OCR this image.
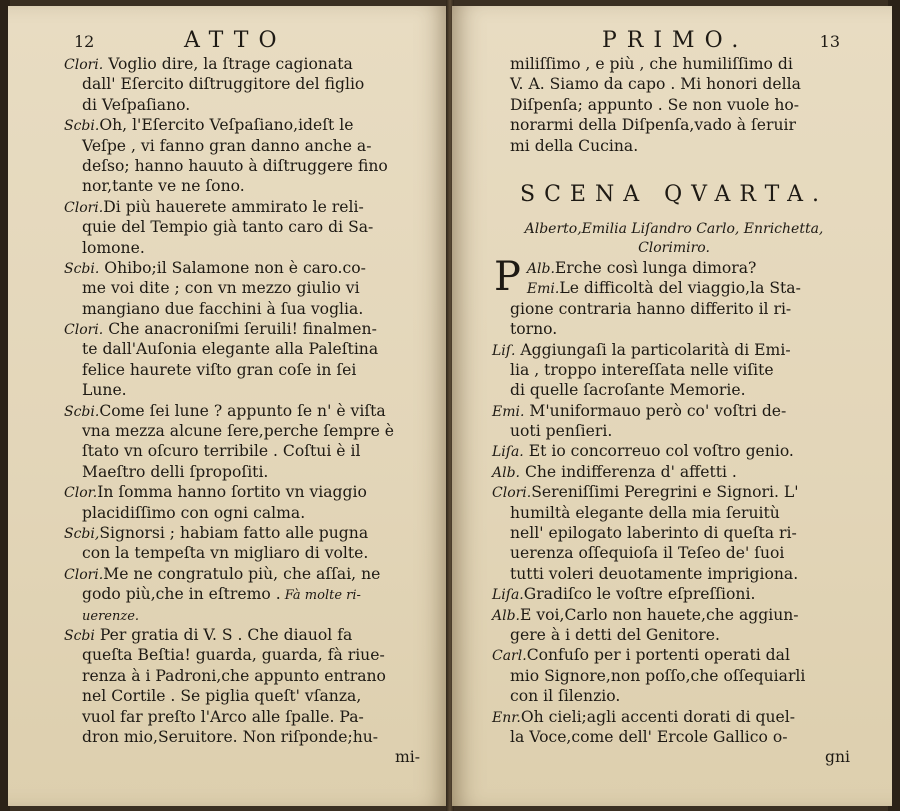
12	ATTO
Clori. Voglio dire, la ſtrage cagionata
dall' Eſercito diſtruggitore del figlio
di Veſpaſiano.
Scbi.Oh, l'Eſercito Veſpaſiano,ideſt le
Veſpe , vi fanno gran danno anche a-
deſso; hanno hauuto à diſtruggere fino
nor,tante ve ne ſono.
Clori.Di più hauerete ammirato le reli-
quie del Tempio già tanto caro di Sa-
lomone.
Scbi. Ohibo;il Salamone non è caro.co-
me voi dite ; con vn mezzo giulio vi
mangiano due facchini à ſua voglia.
Clori. Che anacroniſmi ſeruili! finalmen-
te dall'Auſonia elegante alla Paleſtina
felice haurete viſto gran coſe in ſei
Lune.
Scbi.Come ſei lune ? appunto ſe n' è viſta
vna mezza alcune ſere,perche ſempre è
ſtato vn oſcuro terribile . Coſtui è il
Maeſtro delli ſpropoſiti.
Clor.In ſomma hanno ſortito vn viaggio
placidiſſimo con ogni calma.
Scbi,Signorsi ; habiam fatto alle pugna
con la tempeſta vn migliaro di volte.
Clori.Me ne congratulo più, che aſſai, ne
godo più,che in eſtremo . Fà molte ri-
uerenze.
Scbi Per gratia di V. S . Che diauol fa
queſta Beſtia! guarda, guarda, fà riue-
renza à i Padroni,che appunto entrano
nel Cortile . Se piglia queſt' vſanza,
vuol far preſto l'Arco alle ſpalle. Pa-
dron mio,Seruitore. Non riſponde;hu-
mi-
PRIMO.	13
miliſſimo , e più , che humiliſſimo di
V. A. Siamo da capo . Mi honori della
Diſpenſa; appunto . Se non vuole ho-
norarmi della Diſpenſa,vado à ſeruir
mi della Cucina.
SCENA QVARTA.
Alberto,Emilia Liſandro Carlo, Enrichetta,
Clorimiro.
P Alb.Erche così lunga dimora?
Emi.Le difficoltà del viaggio,la Sta-
gione contraria hanno differito il ri-
torno.
Liſ. Aggiungaſi la particolarità di Emi-
lia , troppo intereſſata nelle viſite
di quelle ſacroſante Memorie.
Emi. M'uniformauo però co' voſtri de-
uoti penſieri.
Liſa. Et io concorreuo col voſtro genio.
Alb. Che indifferenza d' affetti .
Clori.Sereniſſimi Peregrini e Signori. L'
humiltà elegante della mia ſeruitù
nell' epilogato laberinto di queſta ri-
uerenza oſſequioſa il Teſeo de' ſuoi
tutti voleri deuotamente imprigiona.
Liſa.Gradiſco le voſtre eſpreſſioni.
Alb.E voi,Carlo non hauete,che aggiun-
gere à i detti del Genitore.
Carl.Confuſo per i portenti operati dal
mio Signore,non poſſo,che oſſequiarli
con il ſilenzio.
Enr.Oh cieli;agli accenti dorati di quel-
la Voce,come dell' Ercole Gallico o-
gni
